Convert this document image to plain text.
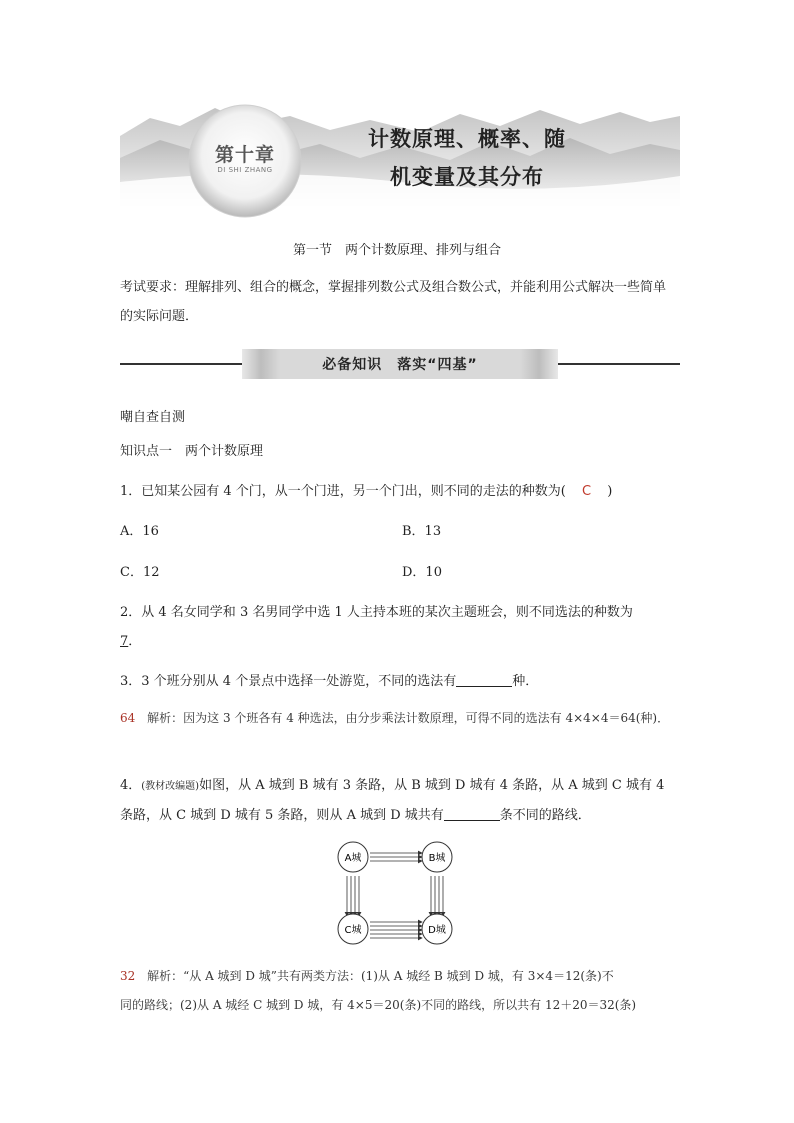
第十章
DI SHI ZHANG
计数原理、概率、随
机变量及其分布
第一节　两个计数原理、排列与组合
考试要求：理解排列、组合的概念，掌握排列数公式及组合数公式，并能利用公式解决一些简单的实际问题．
必备知识　落实“四基”
嘲自查自测
知识点一　两个计数原理
1．已知某公园有 4 个门，从一个门进，另一个门出，则不同的走法的种数为( C )
A．16	B．13
C．12	D．10
2．从 4 名女同学和 3 名男同学中选 1 人主持本班的某次主题班会，则不同选法的种数为
7．
3．3 个班分别从 4 个景点中选择一处游览，不同的选法有	种．
64 解析：因为这 3 个班各有 4 种选法，由分步乘法计数原理，可得不同的选法有 4×4×4＝64(种)．
4．(教材改编题)如图，从 A 城到 B 城有 3 条路，从 B 城到 D 城有 4 条路，从 A 城到 C 城有 4 条路，从 C 城到 D 城有 5 条路，则从 A 城到 D 城共有	条不同的路线．
A城	B城
C城	D城
32 解析：“从 A 城到 D 城”共有两类方法：(1)从 A 城经 B 城到 D 城，有 3×4＝12(条)不
同的路线；(2)从 A 城经 C 城到 D 城，有 4×5＝20(条)不同的路线，所以共有 12＋20＝32(条)
